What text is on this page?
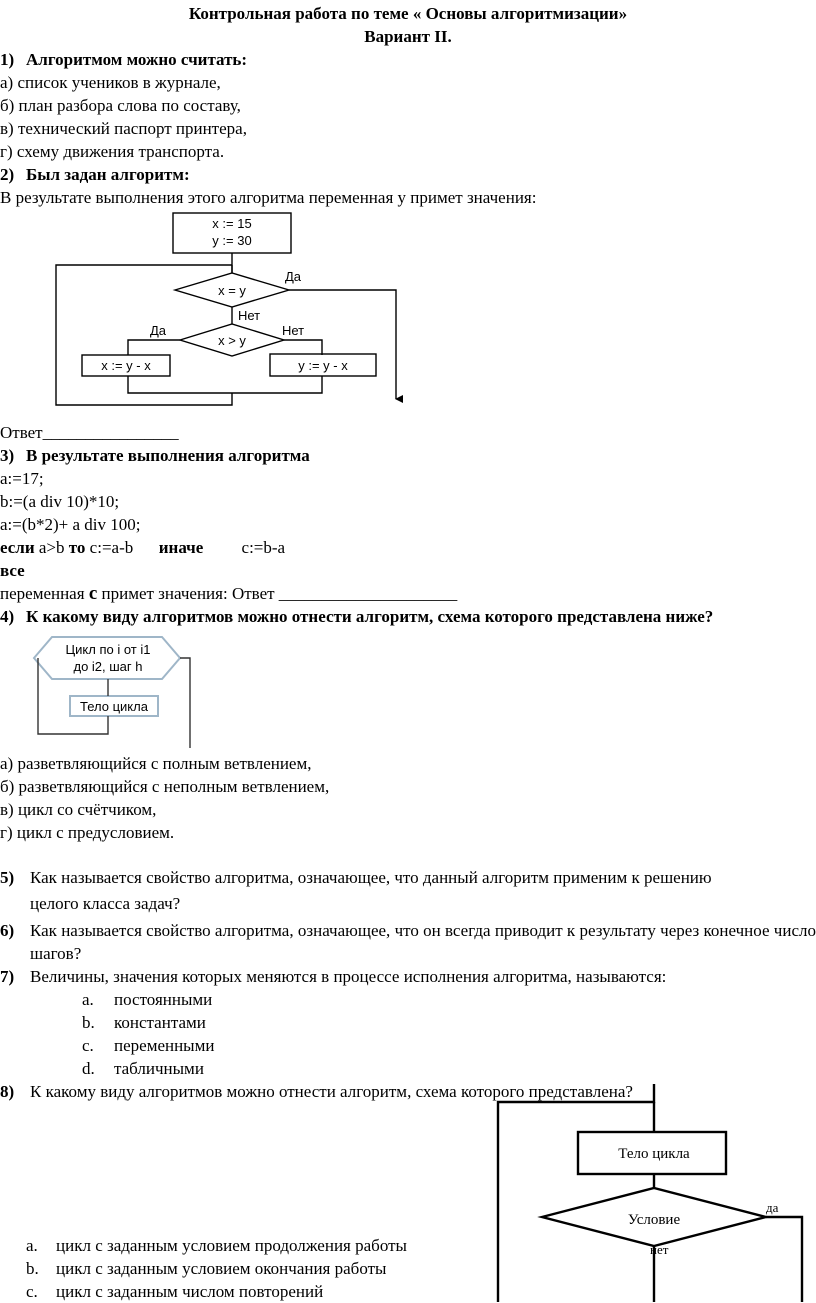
Контрольная работа по теме « Основы алгоритмизации»
Вариант II.
1) Алгоритмом можно считать:
а) список учеников в журнале,
б) план разбора слова по составу,
в) технический паспорт принтера,
г) схему движения транспорта.
2) Был задан алгоритм:
В результате выполнения этого алгоритма переменная у примет значения:
x := 15
y := 30
x = y
Да
Нет
x > y
Да	Нет
x := y - x	y := y - x
Ответ________________
3) В результате выполнения алгоритма
a:=17;
b:=(a div 10)*10;
a:=(b*2)+ a div 100;
если a>b то c:=a-b      иначе         c:=b-a
все
переменная c примет значения: Ответ _____________________
4) К какому виду алгоритмов можно отнести алгоритм, схема которого представлена ниже?
Цикл по i от i1
до i2, шаг h
Тело цикла
а) разветвляющийся с полным ветвлением,
б) разветвляющийся с неполным ветвлением,
в) цикл со счётчиком,
г) цикл с предусловием.
5) Как называется свойство алгоритма, означающее, что данный алгоритм применим к решению
целого класса задач?
6) Как называется свойство алгоритма, означающее, что он всегда приводит к результату через конечное число шагов?
7) Величины, значения которых меняются в процессе исполнения алгоритма, называются:
a.	постоянными
b.	константами
c.	переменными
d.	табличными
8) К какому виду алгоритмов можно отнести алгоритм, схема которого представлена?
Тело цикла
Условие
да
нет
a.	цикл с заданным условием продолжения работы
b.	цикл с заданным условием окончания работы
c.	цикл с заданным числом повторений
